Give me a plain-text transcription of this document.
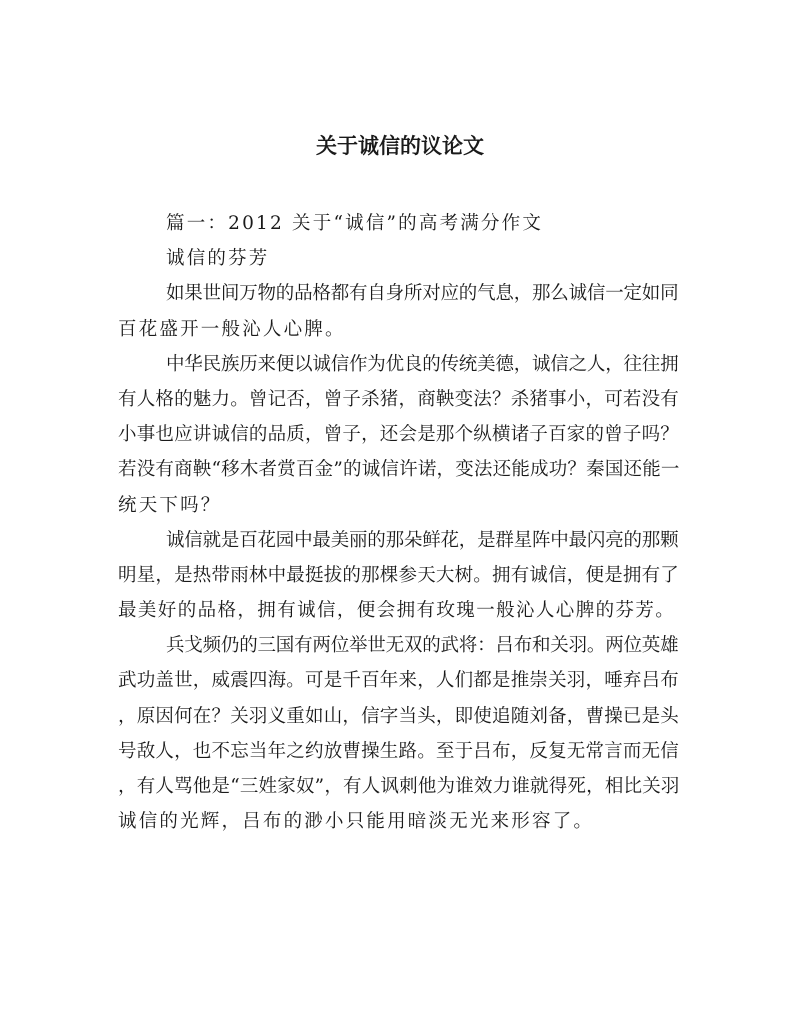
关于诚信的议论文
篇一：2012 关于“诚信”的高考满分作文
诚信的芬芳
如果世间万物的品格都有自身所对应的气息，那么诚信一定如同
百花盛开一般沁人心脾。
中华民族历来便以诚信作为优良的传统美德，诚信之人，往往拥
有人格的魅力。曾记否，曾子杀猪，商鞅变法？杀猪事小，可若没有
小事也应讲诚信的品质，曾子，还会是那个纵横诸子百家的曾子吗？
若没有商鞅“移木者赏百金”的诚信许诺，变法还能成功？秦国还能一
统天下吗？
诚信就是百花园中最美丽的那朵鲜花，是群星阵中最闪亮的那颗
明星，是热带雨林中最挺拔的那棵参天大树。拥有诚信，便是拥有了
最美好的品格，拥有诚信，便会拥有玫瑰一般沁人心脾的芬芳。
兵戈频仍的三国有两位举世无双的武将：吕布和关羽。两位英雄
武功盖世，威震四海。可是千百年来，人们都是推崇关羽，唾弃吕布
，原因何在？关羽义重如山，信字当头，即使追随刘备，曹操已是头
号敌人，也不忘当年之约放曹操生路。至于吕布，反复无常言而无信
，有人骂他是“三姓家奴”，有人讽刺他为谁效力谁就得死，相比关羽
诚信的光辉，吕布的渺小只能用暗淡无光来形容了。
